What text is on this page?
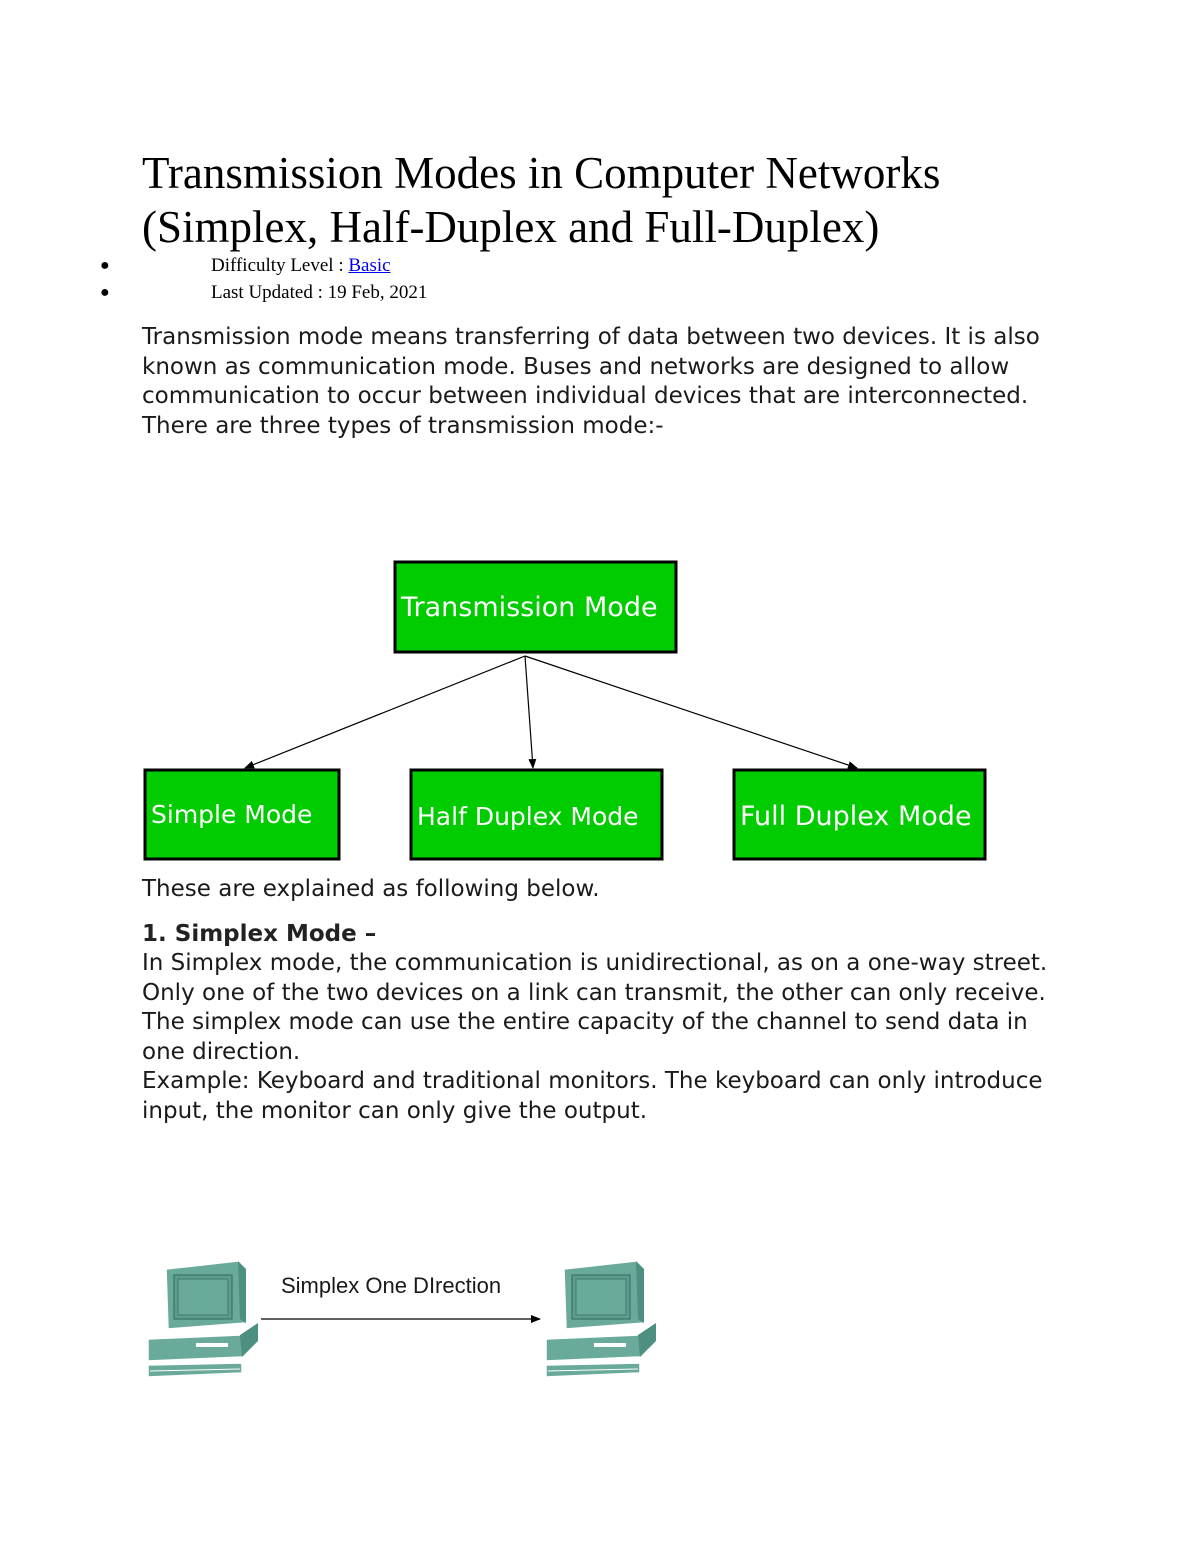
Transmission Modes in Computer Networks
(Simplex, Half-Duplex and Full-Duplex)
●	Difficulty Level : Basic
●	Last Updated : 19 Feb, 2021

Transmission mode means transferring of data between two devices. It is also known as communication mode. Buses and networks are designed to allow communication to occur between individual devices that are interconnected. There are three types of transmission mode:-

Transmission Mode
Simple Mode	Half Duplex Mode	Full Duplex Mode
Simplex One DIrection

These are explained as following below.

1. Simplex Mode –

In Simplex mode, the communication is unidirectional, as on a one-way street. Only one of the two devices on a link can transmit, the other can only receive. The simplex mode can use the entire capacity of the channel to send data in one direction.

Example: Keyboard and traditional monitors. The keyboard can only introduce input, the monitor can only give the output.
